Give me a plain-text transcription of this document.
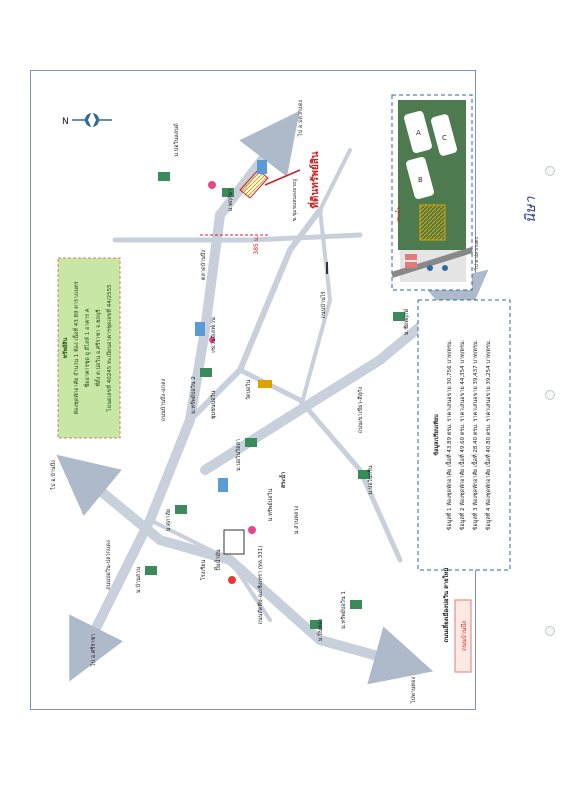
N
ทรัพย์สิน ห้องชุดพักอาศัย จำนวน 1 ห้อง เนื้อที่ 43.89 ตารางเมตร ชื่ออาคารชุด ยู ดีไลท์ 1 อาคาร A ที่ตั้ง ต.บ่อวิน อ.ศรีราชา จ.ชลบุรี โฉนดเลขที่ 40245 ทะเบียนอาคารชุดเลขที่ 44/2555
ข้อมูลเปรียบเทียบ	ข้อมูลที่ 1 ห้องชุดพักอาศัย เนื้อที่ 43.89 ตรม. ราคาเสนอขาย 30,756 บาท/ตรม.	ข้อมูลที่ 2 ห้องชุดพักอาศัย เนื้อที่ 49.60 ตรม. ราคาเสนอขาย 44,354 บาท/ตรม.	ข้อมูลที่ 3 ห้องชุดพักอาศัย เนื้อที่ 28.40 ตรม. ราคาเสนอขาย 39,437 บาท/ตรม.	ข้อมูลที่ 4 ห้องชุดพักอาศัย เนื้อที่ 40.80 ตรม. ราคาเสนอขาย 39,254 บาท/ตรม.
A
B
C
สระน้ำ
ไป อ.ปลวกแดง
ที่ดินทรัพย์สิน
385 ม.
ซ.ชุมชนหนองยายบู่
ไป อ.ศรีราชา
ไป อ.บ้านบึง
ไป อ.ปลวกแดง
ไปพานทอง
ถนนบ่อวิน-ปลวกแดง
ถนนบ้านบึง-แกลง
ถนนสัตหีบ-ฉะเชิงเทรา (ทล.331)
ถนนเขาเขียว-สีสุกัง
ถนนบ้านไร่
ตลาดบ้านบึง
ชุมชนบ่อวิน
วัดบ่อวิน
เซเว่นอีเลฟเว่น
ปั๊มน้ำมัน
โรงเรียน
ม.บ่อวินแลนด์
ม.ทรัพย์บ่อวิน 2
ม.บ่อวินวิลล่า
ม.ศุภาลัย
ม.บ้านสวน
ม.ทรัพย์บ่อวิน 1
ม.บ่อวินกรีน
ม.ชัยพฤกษ์
ม.ทรัพย์บ่อวิน	ม.สวนหลวง
ม.ปิ่นทอง
ม.พฤกษา
สระน้ำ
ถนนบ้านบึง
ถนนเลี่ยงเมืองบ่อวิน สายใหม่
นิษา
